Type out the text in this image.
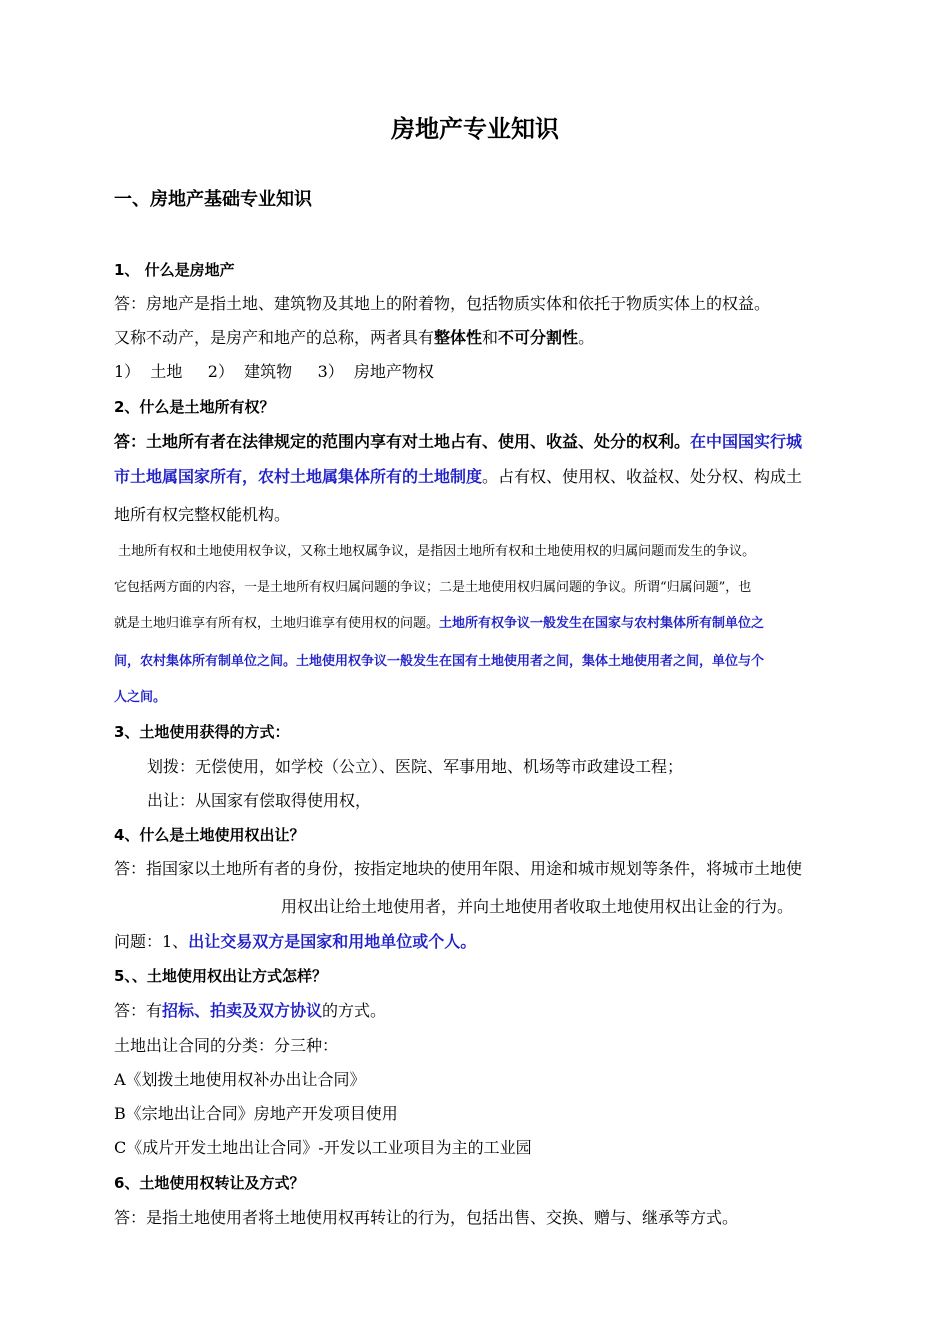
房地产专业知识
一、房地产基础专业知识
1、 什么是房地产
答：房地产是指土地、建筑物及其地上的附着物，包括物质实体和依托于物质实体上的权益。
又称不动产，是房产和地产的总称，两者具有整体性和不可分割性。
1）  土地     2）  建筑物     3）  房地产物权
2、什么是土地所有权？
答：土地所有者在法律规定的范围内享有对土地占有、使用、收益、处分的权利。在中国国实行城
市土地属国家所有，农村土地属集体所有的土地制度。占有权、使用权、收益权、处分权、构成土
地所有权完整权能机构。
土地所有权和土地使用权争议，又称土地权属争议，是指因土地所有权和土地使用权的归属问题而发生的争议。
它包括两方面的内容，一是土地所有权归属问题的争议；二是土地使用权归属问题的争议。所谓“归属问题”，也
就是土地归谁享有所有权，土地归谁享有使用权的问题。土地所有权争议一般发生在国家与农村集体所有制单位之
间，农村集体所有制单位之间。土地使用权争议一般发生在国有土地使用者之间，集体土地使用者之间，单位与个
人之间。
3、土地使用获得的方式：
划拨：无偿使用，如学校（公立）、医院、军事用地、机场等市政建设工程；
出让：从国家有偿取得使用权，
4、什么是土地使用权出让？
答：指国家以土地所有者的身份，按指定地块的使用年限、用途和城市规划等条件，将城市土地使
用权出让给土地使用者，并向土地使用者收取土地使用权出让金的行为。
问题：1、出让交易双方是国家和用地单位或个人。
5、、土地使用权出让方式怎样？
答：有招标、拍卖及双方协议的方式。
土地出让合同的分类：分三种：
A《划拨土地使用权补办出让合同》
B《宗地出让合同》房地产开发项目使用
C《成片开发土地出让合同》-开发以工业项目为主的工业园
6、土地使用权转让及方式？
答：是指土地使用者将土地使用权再转让的行为，包括出售、交换、赠与、继承等方式。
